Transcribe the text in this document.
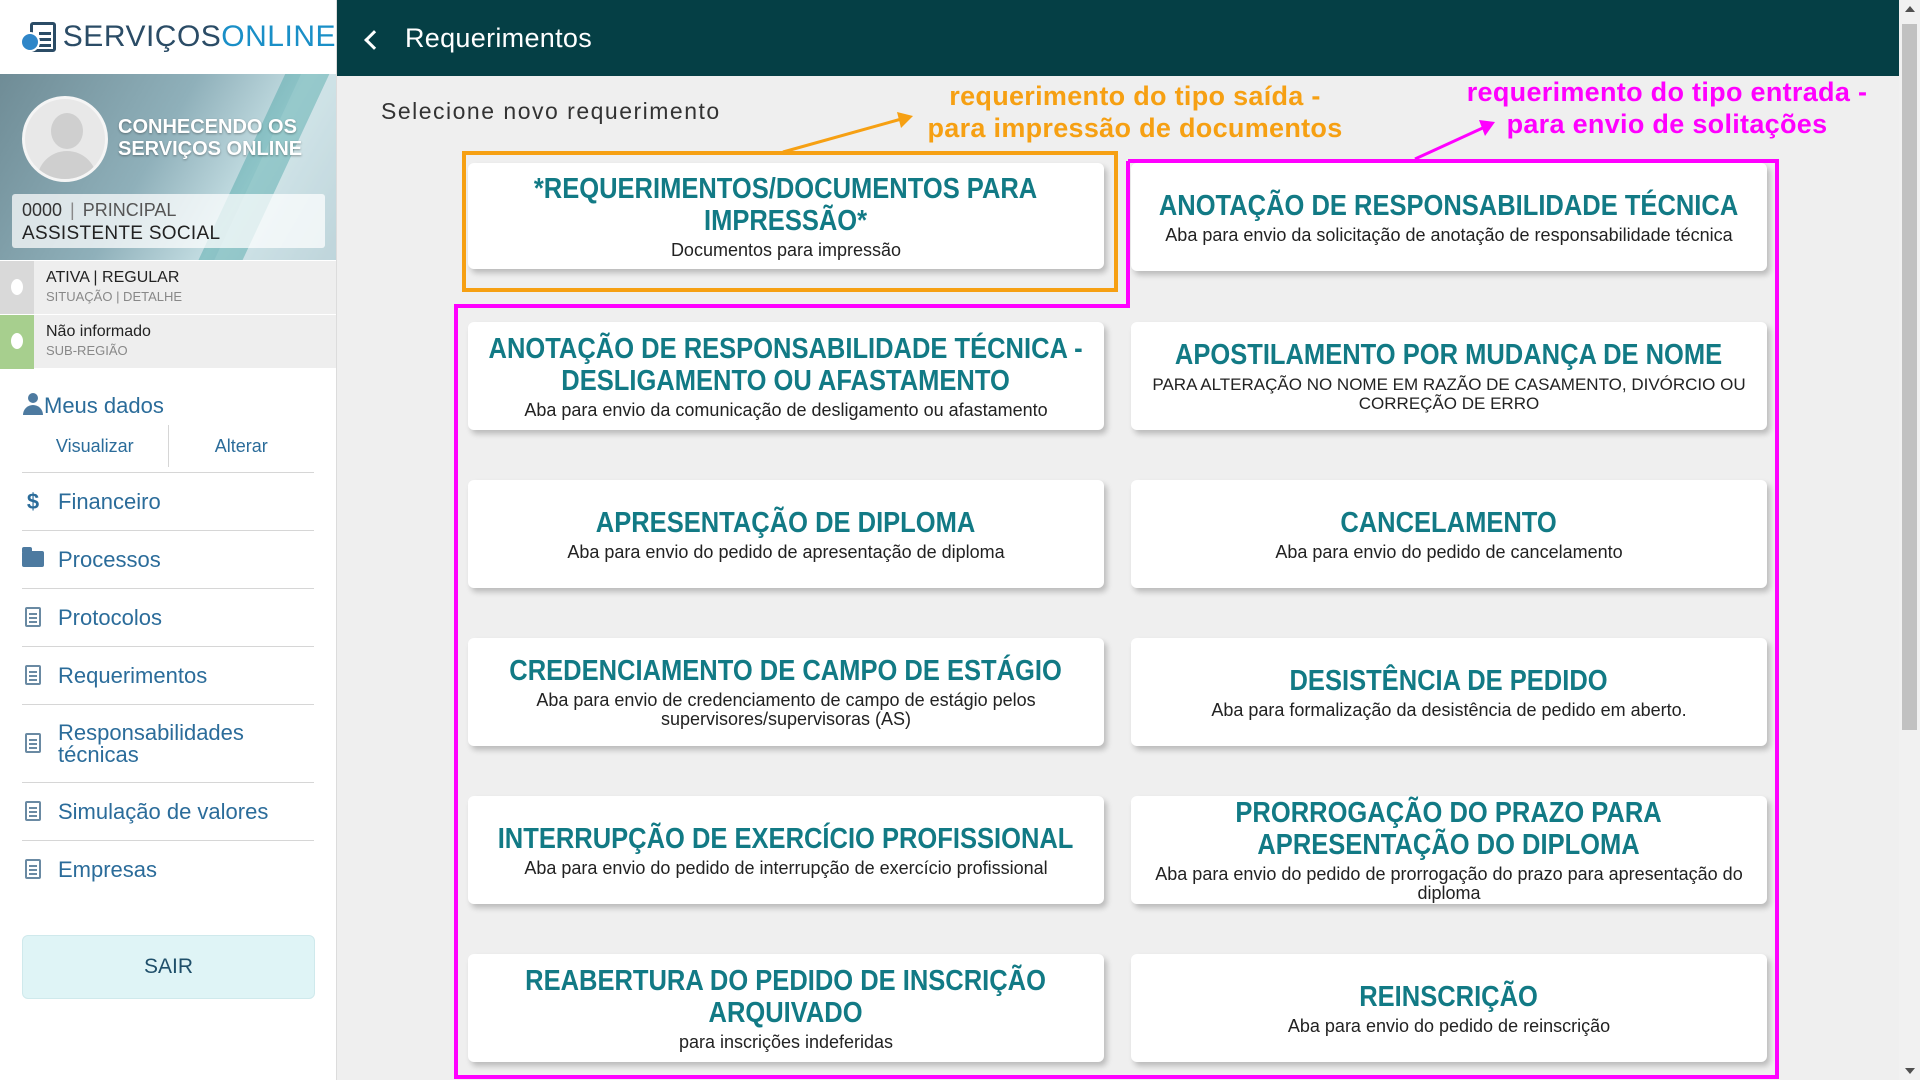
SERVIÇOSONLINE
CONHECENDO OS SERVIÇOS ONLINE
0000 | PRINCIPAL
ASSISTENTE SOCIAL
ATIVA | REGULAR
SITUAÇÃO | DETALHE
Não informado
SUB-REGIÃO
Meus dados
Visualizar	Alterar
$ Financeiro
Processos
Protocolos
Requerimentos
Responsabilidades técnicas
Simulação de valores
Empresas
SAIR
Requerimentos
Selecione novo requerimento
*REQUERIMENTOS/DOCUMENTOS PARA IMPRESSÃO*
Documentos para impressão
ANOTAÇÃO DE RESPONSABILIDADE TÉCNICA
Aba para envio da solicitação de anotação de responsabilidade técnica
ANOTAÇÃO DE RESPONSABILIDADE TÉCNICA - DESLIGAMENTO OU AFASTAMENTO
Aba para envio da comunicação de desligamento ou afastamento
APOSTILAMENTO POR MUDANÇA DE NOME
PARA ALTERAÇÃO NO NOME EM RAZÃO DE CASAMENTO, DIVÓRCIO OU CORREÇÃO DE ERRO
APRESENTAÇÃO DE DIPLOMA
Aba para envio do pedido de apresentação de diploma
CANCELAMENTO
Aba para envio do pedido de cancelamento
CREDENCIAMENTO DE CAMPO DE ESTÁGIO
Aba para envio de credenciamento de campo de estágio pelos supervisores/supervisoras (AS)
DESISTÊNCIA DE PEDIDO
Aba para formalização da desistência de pedido em aberto.
INTERRUPÇÃO DE EXERCÍCIO PROFISSIONAL
Aba para envio do pedido de interrupção de exercício profissional
PRORROGAÇÃO DO PRAZO PARA APRESENTAÇÃO DO DIPLOMA
Aba para envio do pedido de prorrogação do prazo para apresentação do diploma
REABERTURA DO PEDIDO DE INSCRIÇÃO ARQUIVADO
para inscrições indeferidas
REINSCRIÇÃO
Aba para envio do pedido de reinscrição
requerimento do tipo saída -
para impressão de documentos
requerimento do tipo entrada -
para envio de solitações
